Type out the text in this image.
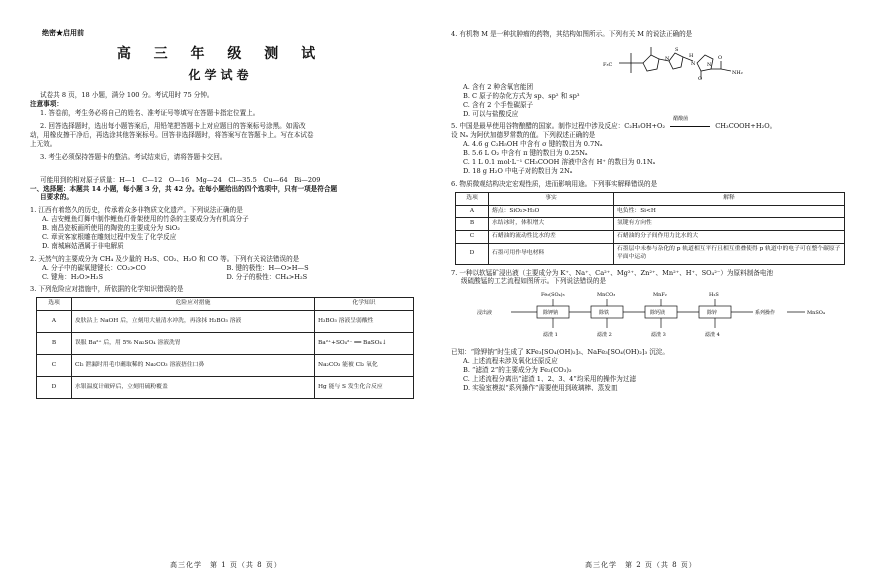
绝密★启用前
高 三 年 级 测 试
化学试卷
试卷共 8 页，18 小题，满分 100 分。考试用时 75 分钟。
注意事项：
1. 答卷前，考生务必将自己的姓名、准考证号等填写在答题卡指定位置上。
2. 回答选择题时，选出每小题答案后，用铅笔把答题卡上对应题目的答案标号涂黑。如需改
动，用橡皮擦干净后，再选涂其他答案标号。回答非选择题时，将答案写在答题卡上。写在本试卷
上无效。
3. 考生必须保持答题卡的整洁。考试结束后，请将答题卡交回。
可能用到的相对原子质量：H—1　C—12　O—16　Mg—24　Cl—35.5　Cu—64　Bi—209
一、选择题：本题共 14 小题，每小题 3 分，共 42 分。在每小题给出的四个选项中，只有一项是符合题
目要求的。
1. 江西有着悠久的历史，传承着众多非物质文化遗产。下列说法正确的是
A. 吉安鲤鱼灯舞中制作鲤鱼灯骨架使用的竹条的主要成分为有机高分子
B. 南昌瓷板画所使用的陶瓷的主要成分为 SiO₂
C. 章贡客家根雕在雕刻过程中发生了化学反应
D. 南城麻姑酒属于非电解质
2. 天然气的主要成分为 CH₄ 及少量的 H₂S、CO₂、H₂O 和 CO 等。下列有关说法错误的是
A. 分子中的碳氧键键长：CO₂>CO	B. 键的极性：H—O>H—S
C. 键角：H₂O>H₂S	D. 分子的极性：CH₄>H₂S
3. 下列危险应对措施中，所依据的化学知识错误的是
选项	危险应对措施	化学知识
A	皮肤沾上 NaOH 后，立刻用大量清水冲洗，再涂抹 H₃BO₃ 溶液	H₃BO₃ 溶液呈弱酸性
B	误服 Ba²⁺ 后，用 5% Na₂SO₄ 溶液洗胃	Ba²⁺+SO₄²⁻ ══ BaSO₄↓
C	Cl₂ 泄漏时用毛巾蘸取稀的 Na₂CO₃ 溶液捂住口鼻	Na₂CO₃ 能被 Cl₂ 氧化
D	水银温度计破碎后，立刻用硫粉覆盖	Hg 能与 S 发生化合反应
高三化学　第 1 页（共 8 页）
4. 有机物 M 是一种抗肿瘤的药物，其结构如图所示。下列有关 M 的说法正确的是
F₃C
N
S
H
N
O
N
O
NH₂
A. 含有 2 种含氧官能团
B. C 原子的杂化方式为 sp、sp² 和 sp³
C. 含有 2 个手性碳原子
D. 可以与盐酸反应
5. 中国是最早使用谷物酿醋的国家。制作过程中涉及反应：C₂H₅OH+O₂
醋酸菌
CH₃COOH+H₂O。
设 Nₐ 为阿伏加德罗常数的值。下列叙述正确的是
A. 4.6 g C₂H₅OH 中含有 σ 键的数目为 0.7Nₐ
B. 5.6 L O₂ 中含有 π 键的数目为 0.25Nₐ
C. 1 L 0.1 mol·L⁻¹ CH₃COOH 溶液中含有 H⁺ 的数目为 0.1Nₐ
D. 18 g H₂O 中电子对的数目为 2Nₐ
6. 物质微观结构决定宏观性质，进而影响用途。下列事实解释错误的是
选项	事实	解释
A	熔点：SiO₂>H₂O	电负性：Si<H
B	水结冰时，体积增大	氢键有方向性
C	石蜡油的流动性比水的差	石蜡油的分子间作用力比水的大
D	石墨可用作导电材料	石墨层中未参与杂化的 p 轨道相互平行且相互重叠使得 p 轨道中的电子可在整个碳原子平面中运动
7. 一种以软锰矿浸出液（主要成分为 K⁺、Na⁺、Ca²⁺、Mg²⁺、Zn²⁺、Mn²⁺、H⁺、SO₄²⁻）为原料制备电池
级硫酸锰的工艺流程如图所示。下列说法错误的是
浸出液
Fe₂(SO₄)₃	MnCO₃	MnF₂	H₂S
除钾钠	除铁	除钙镁	除锌
滤渣 1	滤渣 2	滤渣 3	滤渣 4
系列操作	MnSO₄
已知：“除钾钠”时生成了 KFe₃[SO₄(OH)₂]₃、NaFe₃[SO₄(OH)₂]₃ 沉淀。
A. 上述流程未涉及氧化还原反应
B. “滤渣 2”的主要成分为 Fe₂(CO₃)₃
C. 上述流程分离出“滤渣 1、2、3、4”均采用的操作为过滤
D. 实验室模拟“系列操作”需要使用到玻璃棒、蒸发皿
高三化学　第 2 页（共 8 页）
